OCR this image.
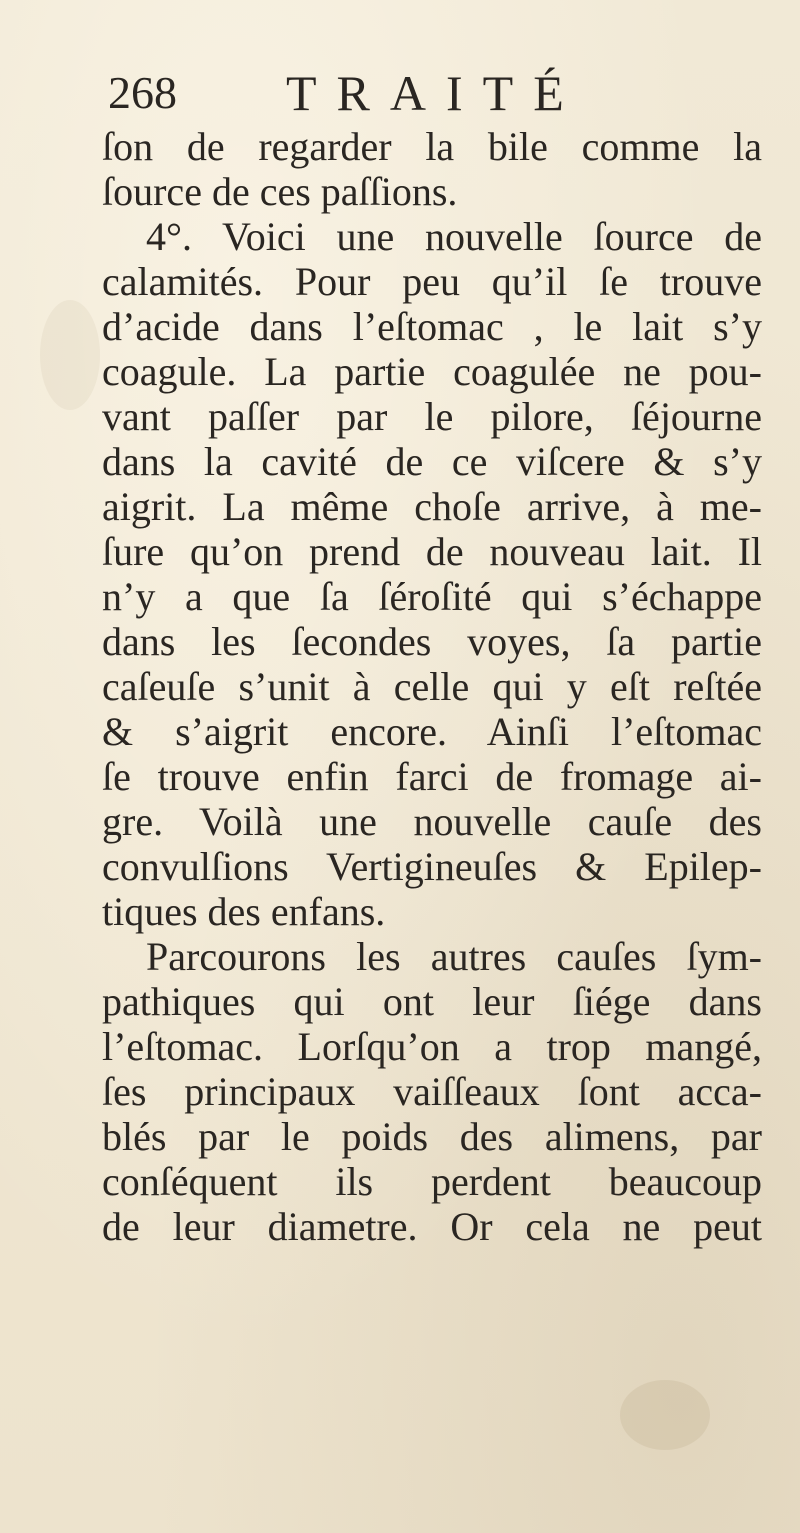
268 TRAITÉ
ſon de regarder la bile comme la
ſource de ces paſſions.
4°. Voici une nouvelle ſource de
calamités. Pour peu qu’il ſe trouve
d’acide dans l’eſtomac , le lait s’y
coagule. La partie coagulée ne pou-
vant paſſer par le pilore, ſéjourne
dans la cavité de ce viſcere & s’y
aigrit. La même choſe arrive, à me-
ſure qu’on prend de nouveau lait. Il
n’y a que ſa ſéroſité qui s’échappe
dans les ſecondes voyes, ſa partie
caſeuſe s’unit à celle qui y eſt reſtée
& s’aigrit encore. Ainſi l’eſtomac
ſe trouve enfin farci de fromage ai-
gre. Voilà une nouvelle cauſe des
convulſions Vertigineuſes & Epilep-
tiques des enfans.
Parcourons les autres cauſes ſym-
pathiques qui ont leur ſiége dans
l’eſtomac. Lorſqu’on a trop mangé,
ſes principaux vaiſſeaux ſont acca-
blés par le poids des alimens, par
conſéquent ils perdent beaucoup
de leur diametre. Or cela ne peut
